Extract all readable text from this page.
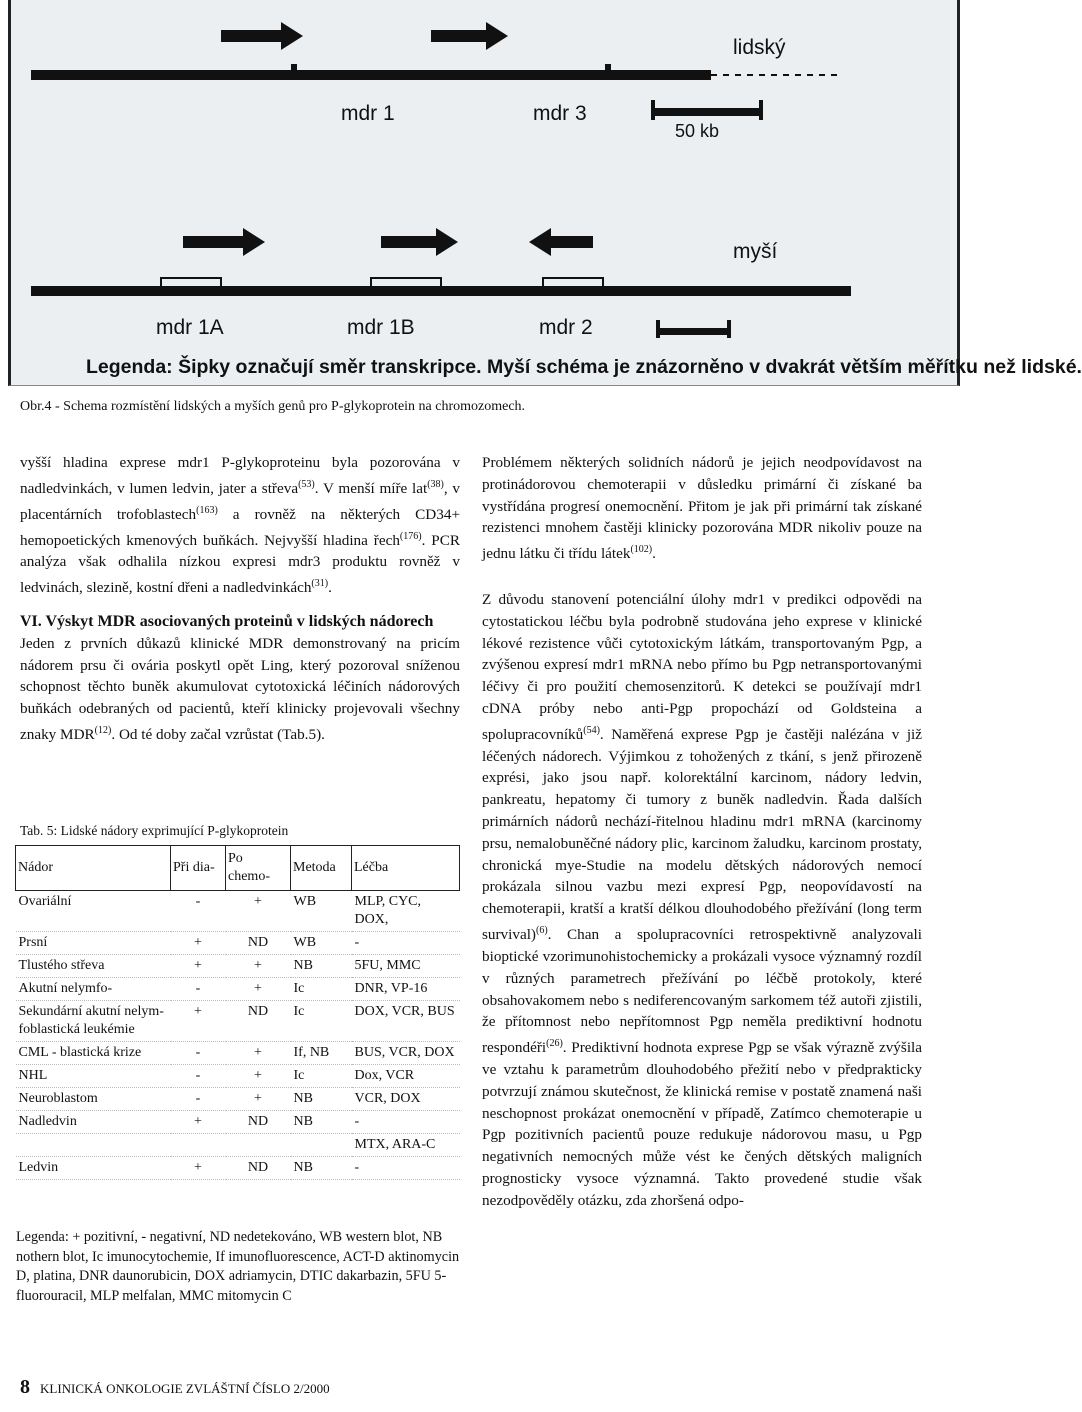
50 kb
lidský
mdr 1	mdr 3
myší
mdr 1A	mdr 1B	mdr 2
Legenda: Šipky označují směr transkripce. Myší schéma je znázorněno v dvakrát větším měřítku než lidské.
Obr.4 - Schema rozmístění lidských a myších genů pro P-glykoprotein na chromozomech.

vyšší hladina exprese mdr1 P-glykoproteinu byla pozorována v nadledvinkách, v lumen ledvin, jater a střeva$^{(53)}$. V menší míře lat$^{(38)}$, v placentárních trofoblastech$^{(163)}$ a rovněž na některých CD34+ hemopoetických kmenových buňkách. Nejvyšší hladina řech$^{(176)}$. PCR analýza však odhalila nízkou expresi mdr3 produktu rovněž v ledvinách, slezině, kostní dřeni a nadledvinkách$^{(31)}$.

VI. Výskyt MDR asociovaných proteinů v lidských nádorech

Jeden z prvních důkazů klinické MDR demonstrovaný na pricím nádorem prsu či ovária poskytl opět Ling, který pozoroval sníženou schopnost těchto buněk akumulovat cytotoxická léčiních nádorových buňkách odebraných od pacientů, kteří klinicky projevovali všechny znaky MDR$^{(12)}$. Od té doby začal vzrůstat (Tab.5).

Tab. 5: Lidské nádory exprimující P-glykoprotein
Nádor	Při dia-	Po chemo-	Metoda	Léčba
Ovariální	-	+	WB	MLP, CYC, DOX,
Prsní	+	ND	WB	-
Tlustého střeva	+	+	NB	5FU, MMC
Akutní nelymfo-	-	+	Ic	DNR, VP-16
Sekundární akutní nelym-foblastická leukémie	+	ND	Ic	DOX, VCR, BUS
CML - blastická krize	-	+	If, NB	BUS, VCR, DOX
NHL	-	+	Ic	Dox, VCR
Neuroblastom	-	+	NB	VCR, DOX
Nadledvin	+	ND	NB	-
				MTX, ARA-C
Ledvin	+	ND	NB	-
Legenda: + pozitivní, - negativní, ND nedetekováno, WB western blot, NB nothern blot, Ic imunocytochemie, If imunofluorescence, ACT-D aktinomycin D, platina, DNR daunorubicin, DOX adriamycin, DTIC dakarbazin, 5FU 5-fluorouracil, MLP melfalan, MMC mitomycin C

Problémem některých solidních nádorů je jejich neodpovídavost na protinádorovou chemoterapii v důsledku primární či získané ba vystřídána progresí onemocnění. Přitom je jak při primární tak získané rezistenci mnohem častěji klinicky pozorována MDR nikoliv pouze na jednu látku či třídu látek$^{(102)}$.

Z důvodu stanovení potenciální úlohy mdr1 v predikci odpovědi na cytostatickou léčbu byla podrobně studována jeho exprese v klinické lékové rezistence vůči cytotoxickým látkám, transportovaným Pgp, a zvýšenou expresí mdr1 mRNA nebo přímo bu Pgp netransportovanými léčivy či pro použití chemosenzitorů. K detekci se používají mdr1 cDNA próby nebo anti-Pgp propochází od Goldsteina a spolupracovníků$^{(54)}$. Naměřená exprese Pgp je častěji nalézána v již léčených nádorech. Výjimkou z tohožených z tkání, s jenž přirozeně exprési, jako jsou např. kolorektální karcinom, nádory ledvin, pankreatu, hepatomy či tumory z buněk nadledvin. Řada dalších primárních nádorů nechází-řitelnou hladinu mdr1 mRNA (karcinomy prsu, nemalobuněčné nádory plic, karcinom žaludku, karcinom prostaty, chronická mye-Studie na modelu dětských nádorových nemocí prokázala silnou vazbu mezi expresí Pgp, neopovídavostí na chemoterapii, kratší a kratší délkou dlouhodobého přežívání (long term survival)$^{(6)}$. Chan a spolupracovníci retrospektivně analyzovali bioptické vzorimunohistochemicky a prokázali vysoce významný rozdíl v různých parametrech přežívání po léčbě protokoly, které obsahovakomem nebo s nediferencovaným sarkomem též autoři zjistili, že přítomnost nebo nepřítomnost Pgp neměla prediktivní hodnotu respondéři$^{(26)}$. Prediktivní hodnota exprese Pgp se však výrazně zvýšila ve vztahu k parametrům dlouhodobého přežití nebo v předprakticky potvrzují známou skutečnost, že klinická remise v postatě znamená naši neschopnost prokázat onemocnění v případě, Zatímco chemoterapie u Pgp pozitivních pacientů pouze redukuje nádorovou masu, u Pgp negativních nemocných může vést ke čených dětských maligních prognosticky vysoce významná. Takto provedené studie však nezodpověděly otázku, zda zhoršená odpo-

8 KLINICKÁ ONKOLOGIE ZVLÁŠTNÍ ČÍSLO 2/2000
